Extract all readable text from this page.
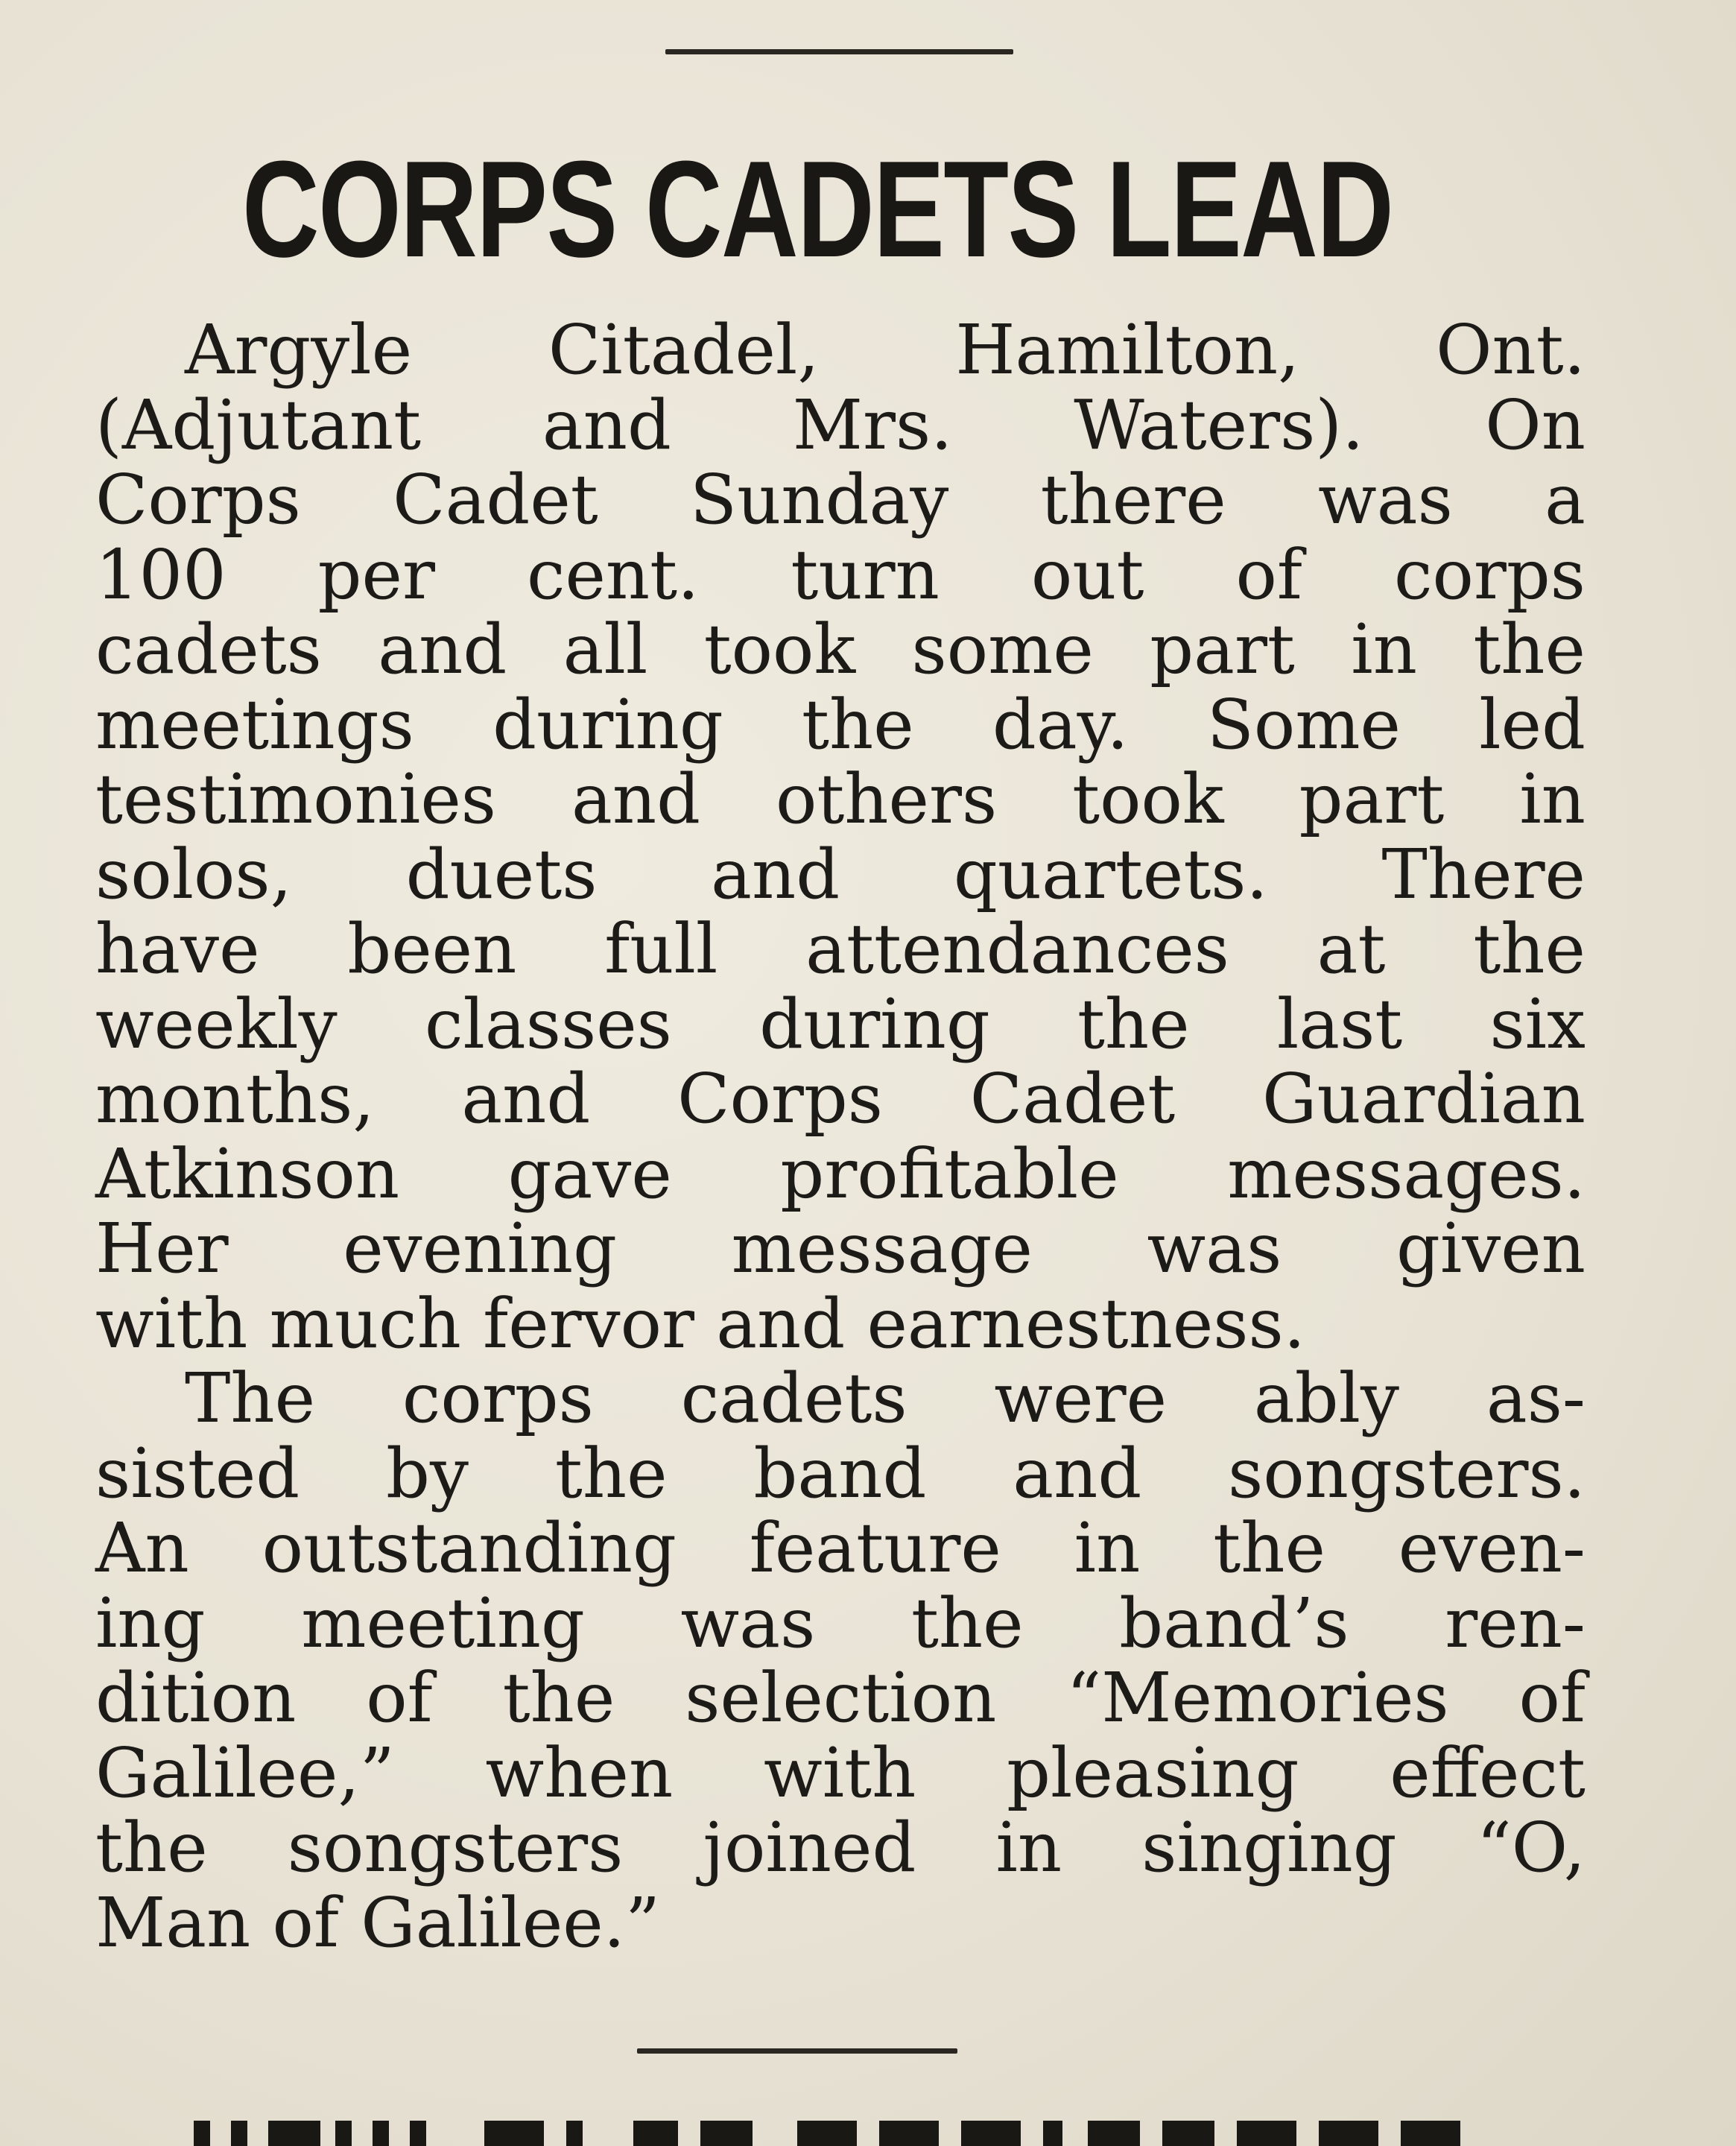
CORPS CADETS LEAD
Argyle Citadel, Hamilton, Ont.
(Adjutant and Mrs. Waters). On
Corps Cadet Sunday there was a
100 per cent. turn out of corps
cadets and all took some part in the
meetings during the day. Some led
testimonies and others took part in
solos, duets and quartets. There
have been full attendances at the
weekly classes during the last six
months, and Corps Cadet Guardian
Atkinson gave profitable messages.
Her evening message was given
with much fervor and earnestness.
The corps cadets were ably as-
sisted by the band and songsters.
An outstanding feature in the even-
ing meeting was the band’s ren-
dition of the selection “Memories of
Galilee,” when with pleasing effect
the songsters joined in singing “O,
Man of Galilee.”
